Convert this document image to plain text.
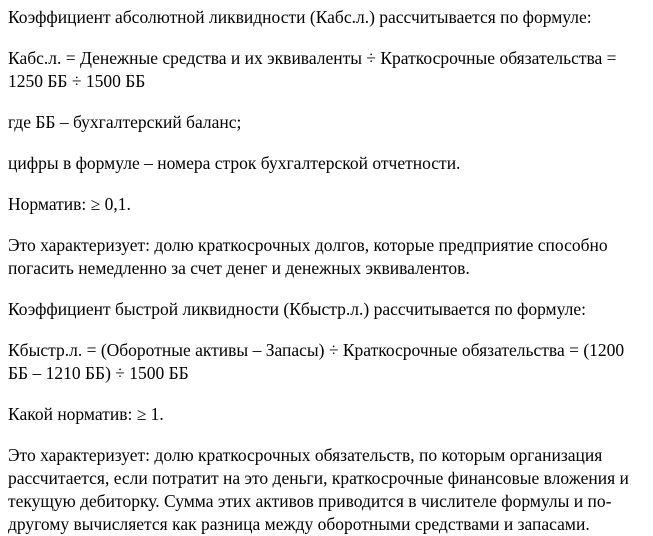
Коэффициент абсолютной ликвидности (Кабс.л.) рассчитывается по формуле:

Кабс.л. = Денежные средства и их эквиваленты ÷ Краткосрочные обязательства = 1250 ББ ÷ 1500 ББ

где ББ – бухгалтерский баланс;

цифры в формуле – номера строк бухгалтерской отчетности.

Норматив: ≥ 0,1.

Это характеризует: долю краткосрочных долгов, которые предприятие способно погасить немедленно за счет денег и денежных эквивалентов.

Коэффициент быстрой ликвидности (Кбыстр.л.) рассчитывается по формуле:

Кбыстр.л. = (Оборотные активы – Запасы) ÷ Краткосрочные обязательства = (1200 ББ – 1210 ББ) ÷ 1500 ББ

Какой норматив: ≥ 1.

Это характеризует: долю краткосрочных обязательств, по которым организация рассчитается, если потратит на это деньги, краткосрочные финансовые вложения и текущую дебиторку. Сумма этих активов приводится в числителе формулы и по-другому вычисляется как разница между оборотными средствами и запасами.
